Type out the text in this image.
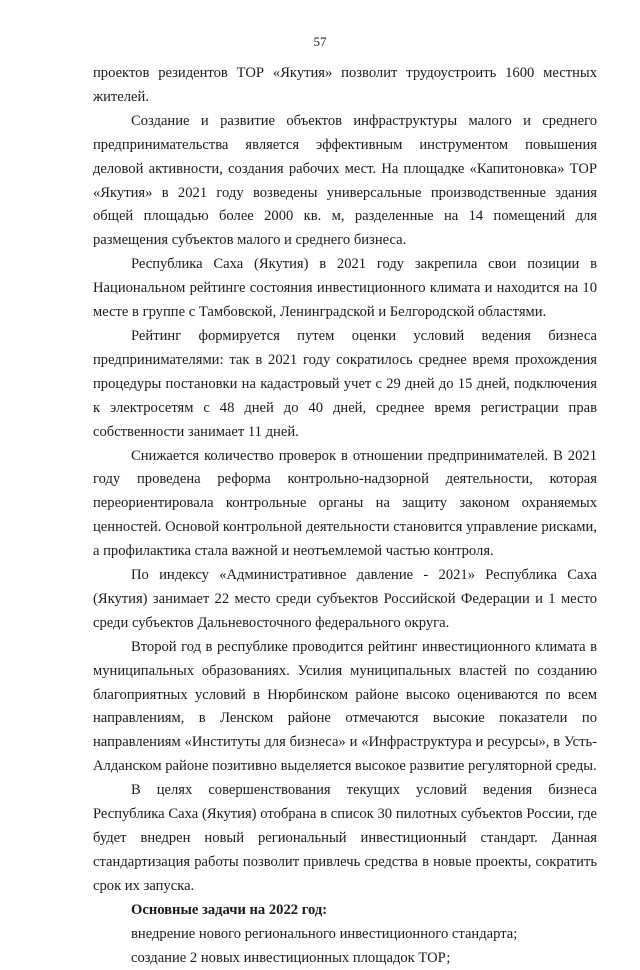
57

проектов резидентов ТОР «Якутия» позволит трудоустроить 1600 местных жителей.

Создание и развитие объектов инфраструктуры малого и среднего предпринимательства является эффективным инструментом повышения деловой активности, создания рабочих мест. На площадке «Капитоновка» ТОР «Якутия» в 2021 году возведены универсальные производственные здания общей площадью более 2000 кв. м, разделенные на 14 помещений для размещения субъектов малого и среднего бизнеса.

Республика Саха (Якутия) в 2021 году закрепила свои позиции в Национальном рейтинге состояния инвестиционного климата и находится на 10 месте в группе с Тамбовской, Ленинградской и Белгородской областями.

Рейтинг формируется путем оценки условий ведения бизнеса предпринимателями: так в 2021 году сократилось среднее время прохождения процедуры постановки на кадастровый учет с 29 дней до 15 дней, подключения к электросетям с 48 дней до 40 дней, среднее время регистрации прав собственности занимает 11 дней.

Снижается количество проверок в отношении предпринимателей. В 2021 году проведена реформа контрольно-надзорной деятельности, которая переориентировала контрольные органы на защиту законом охраняемых ценностей. Основой контрольной деятельности становится управление рисками, а профилактика стала важной и неотъемлемой частью контроля.

По индексу «Административное давление - 2021» Республика Саха (Якутия) занимает 22 место среди субъектов Российской Федерации и 1 место среди субъектов Дальневосточного федерального округа.

Второй год в республике проводится рейтинг инвестиционного климата в муниципальных образованиях. Усилия муниципальных властей по созданию благоприятных условий в Нюрбинском районе высоко оцениваются по всем направлениям, в Ленском районе отмечаются высокие показатели по направлениям «Институты для бизнеса» и «Инфраструктура и ресурсы», в Усть-Алданском районе позитивно выделяется высокое развитие регуляторной среды.

В целях совершенствования текущих условий ведения бизнеса Республика Саха (Якутия) отобрана в список 30 пилотных субъектов России, где будет внедрен новый региональный инвестиционный стандарт. Данная стандартизация работы позволит привлечь средства в новые проекты, сократить срок их запуска.

Основные задачи на 2022 год:

внедрение нового регионального инвестиционного стандарта;

создание 2 новых инвестиционных площадок ТОР;
